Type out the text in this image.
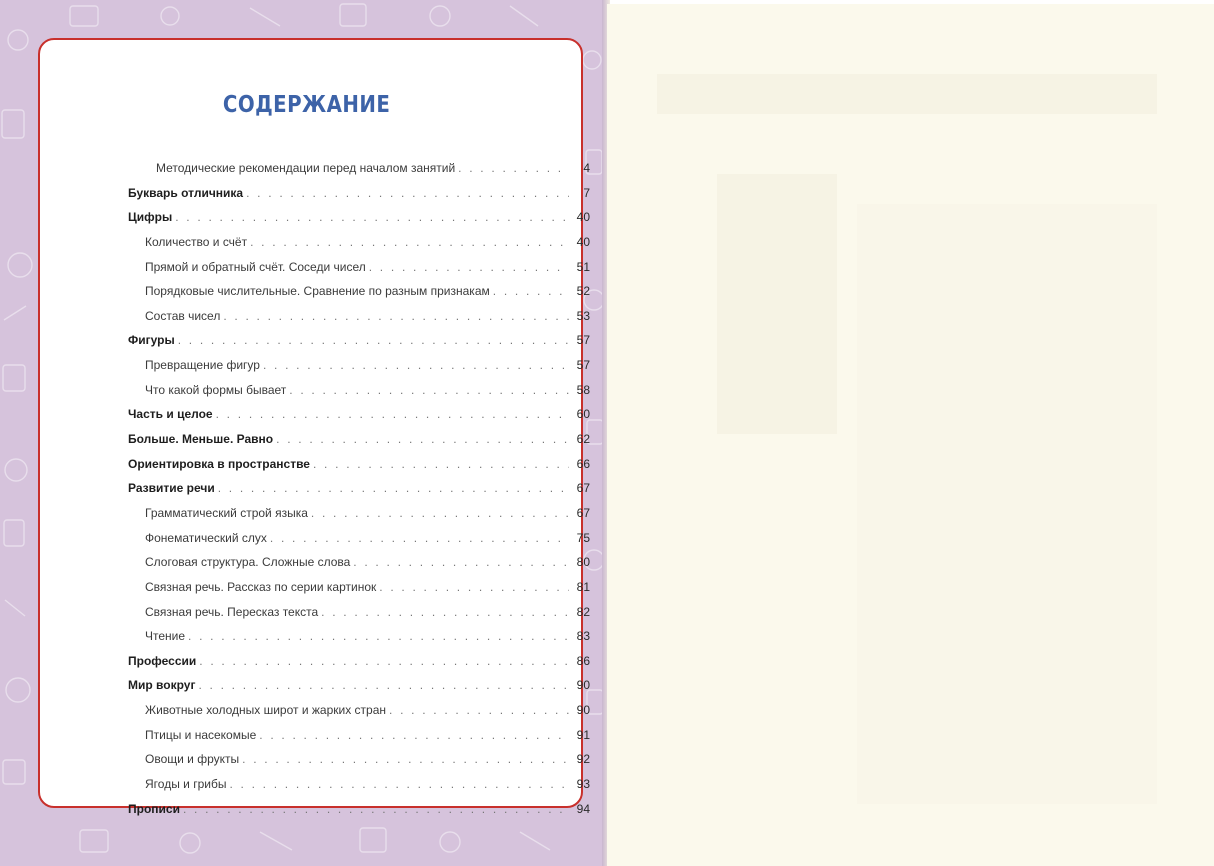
СОДЕРЖАНИЕ
Методические рекомендации перед началом занятий . . .	4
Букварь отличника . . .	7
Цифры . . .	40
Количество и счёт . . .	40
Прямой и обратный счёт. Соседи чисел . . .	51
Порядковые числительные. Сравнение по разным признакам . . .	52
Состав чисел . . .	53
Фигуры . . .	57
Превращение фигур . . .	57
Что какой формы бывает . . .	58
Часть и целое . . .	60
Больше. Меньше. Равно . . .	62
Ориентировка в пространстве . . .	66
Развитие речи . . .	67
Грамматический строй языка . . .	67
Фонематический слух . . .	75
Слоговая структура. Сложные слова . . .	80
Связная речь. Рассказ по серии картинок . . .	81
Связная речь. Пересказ текста . . .	82
Чтение . . .	83
Профессии . . .	86
Мир вокруг . . .	90
Животные холодных широт и жарких стран . . .	90
Птицы и насекомые . . .	91
Овощи и фрукты . . .	92
Ягоды и грибы . . .	93
Прописи . . .	94
